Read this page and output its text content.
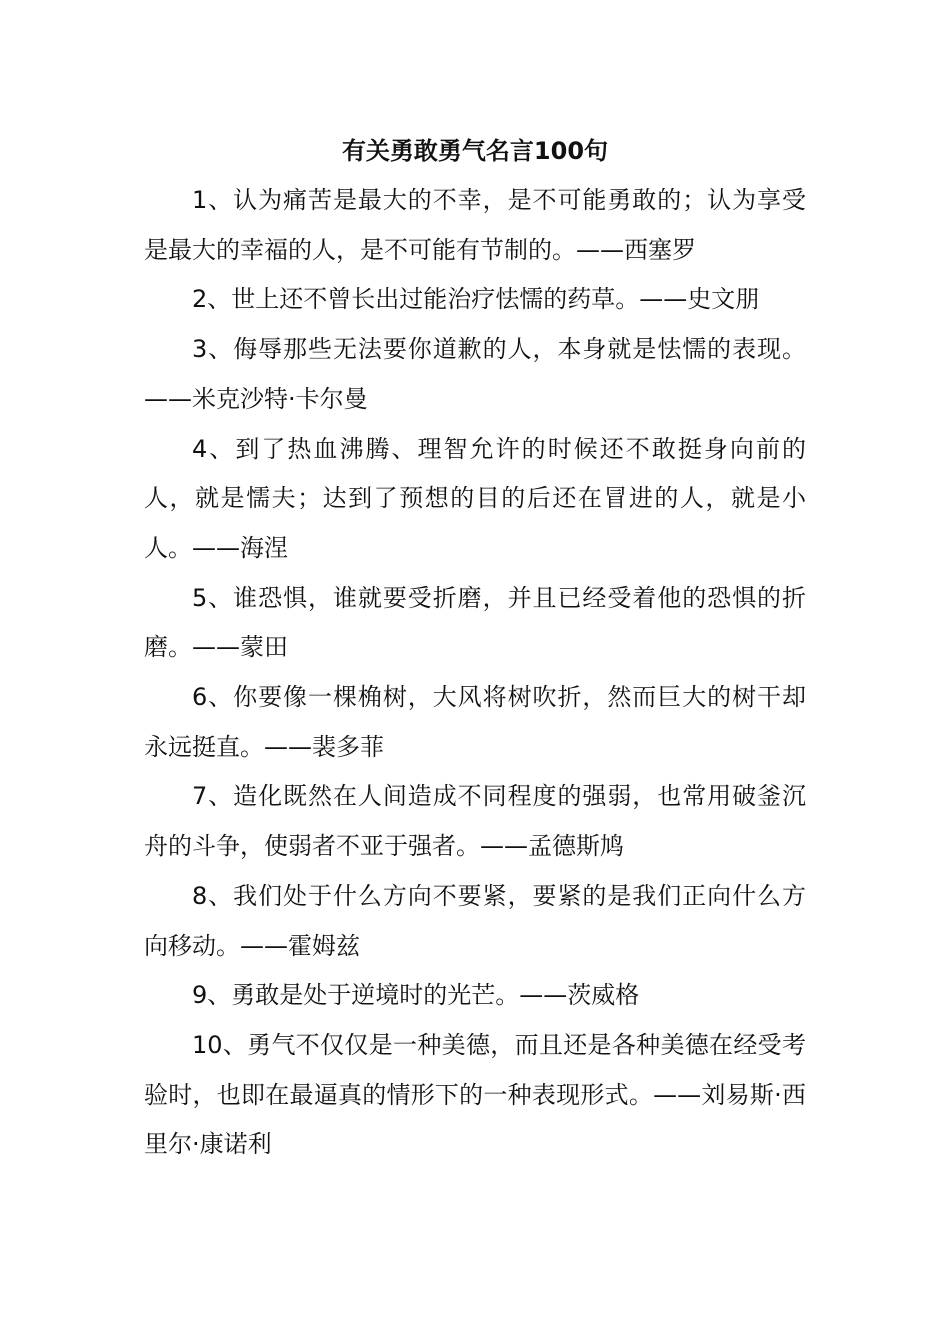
有关勇敢勇气名言100句

1、认为痛苦是最大的不幸，是不可能勇敢的；认为享受是最大的幸福的人，是不可能有节制的。——西塞罗

2、世上还不曾长出过能治疗怯懦的药草。——史文朋

3、侮辱那些无法要你道歉的人，本身就是怯懦的表现。——米克沙特·卡尔曼

4、到了热血沸腾、理智允许的时候还不敢挺身向前的人，就是懦夫；达到了预想的目的后还在冒进的人，就是小人。——海涅

5、谁恐惧，谁就要受折磨，并且已经受着他的恐惧的折磨。——蒙田

6、你要像一棵桷树，大风将树吹折，然而巨大的树干却永远挺直。——裴多菲

7、造化既然在人间造成不同程度的强弱，也常用破釜沉舟的斗争，使弱者不亚于强者。——孟德斯鸠

8、我们处于什么方向不要紧，要紧的是我们正向什么方向移动。——霍姆兹

9、勇敢是处于逆境时的光芒。——茨威格

10、勇气不仅仅是一种美德，而且还是各种美德在经受考验时，也即在最逼真的情形下的一种表现形式。——刘易斯·西里尔·康诺利
